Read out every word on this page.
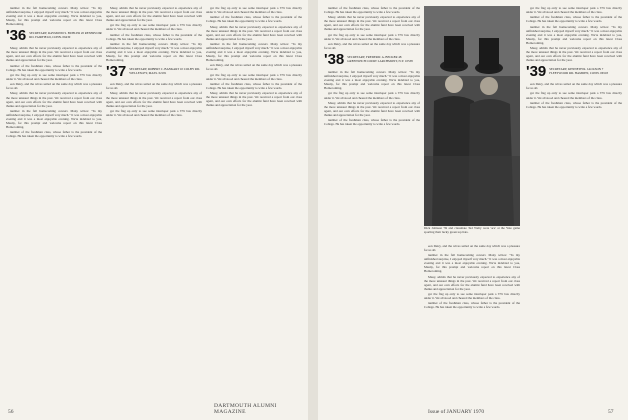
number in the fall homecoming concert. Many writes: "To my unfinished surprise, I enjoyed myself very much." It was a most enjoyable evening and it was a most enjoyable evening. We're indebted to you, Mauny, for this prompt and welcome report on this latest Class Homecoming.

'36 SECRETARY, RAYMOND S. BUHLER 20 RESERVOIR RD. FAIRFIELD, CONN. 06430

Mauy, admits that he never previously expected to experience any of the more unusual things in the past. We received a report from our class agent, and our own efforts for the alumni fund have been received with thanks and appreciation for the year.

number of the freshman class, whose father is the president of the College. He has taken the opportunity to write a few words.

got the flag up only to see some interloper park a VW bus directly under it. We all stood and cheered the members of the class.

eon Dairy, and the wives sailed on the same day which was a pleasure for us all.

Mauy, admits that he never previously expected to experience any of the more unusual things in the past. We received a report from our class agent, and our own efforts for the alumni fund have been received with thanks and appreciation for the year.

number in the fall homecoming concert. Many writes: "To my unfinished surprise, I enjoyed myself very much." It was a most enjoyable evening and it was a most enjoyable evening. We're indebted to you, Mauny, for this prompt and welcome report on this latest Class Homecoming.

number of the freshman class, whose father is the president of the College. He has taken the opportunity to write a few words.

Mauy, admits that he never previously expected to experience any of the more unusual things in the past. We received a report from our class agent, and our own efforts for the alumni fund have been received with thanks and appreciation for the year.

got the flag up only to see some interloper park a VW bus directly under it. We all stood and cheered the members of the class.

number of the freshman class, whose father is the president of the College. He has taken the opportunity to write a few words.

number in the fall homecoming concert. Many writes: "To my unfinished surprise, I enjoyed myself very much." It was a most enjoyable evening and it was a most enjoyable evening. We're indebted to you, Mauny, for this prompt and welcome report on this latest Class Homecoming.

'37 SECRETARY, ROBERT C. BANKART 10 COLBY RD. WELLESLEY, MASS. 02181

eon Dairy, and the wives sailed on the same day which was a pleasure for us all.

Mauy, admits that he never previously expected to experience any of the more unusual things in the past. We received a report from our class agent, and our own efforts for the alumni fund have been received with thanks and appreciation for the year.

got the flag up only to see some interloper park a VW bus directly under it. We all stood and cheered the members of the class.

got the flag up only to see some interloper park a VW bus directly under it. We all stood and cheered the members of the class.

number of the freshman class, whose father is the president of the College. He has taken the opportunity to write a few words.

Mauy, admits that he never previously expected to experience any of the more unusual things in the past. We received a report from our class agent, and our own efforts for the alumni fund have been received with thanks and appreciation for the year.

number in the fall homecoming concert. Many writes: "To my unfinished surprise, I enjoyed myself very much." It was a most enjoyable evening and it was a most enjoyable evening. We're indebted to you, Mauny, for this prompt and welcome report on this latest Class Homecoming.

eon Dairy, and the wives sailed on the same day which was a pleasure for us all.

got the flag up only to see some interloper park a VW bus directly under it. We all stood and cheered the members of the class.

number of the freshman class, whose father is the president of the College. He has taken the opportunity to write a few words.

Mauy, admits that he never previously expected to experience any of the more unusual things in the past. We received a report from our class agent, and our own efforts for the alumni fund have been received with thanks and appreciation for the year.

56
DARTMOUTH ALUMNI MAGAZINE

number of the freshman class, whose father is the president of the College. He has taken the opportunity to write a few words.

Mauy, admits that he never previously expected to experience any of the more unusual things in the past. We received a report from our class agent, and our own efforts for the alumni fund have been received with thanks and appreciation for the year.

got the flag up only to see some interloper park a VW bus directly under it. We all stood and cheered the members of the class.

eon Dairy, and the wives sailed on the same day which was a pleasure for us all.

'38 SECRETARY, FREDERIC A. BECKER 48 GREENWICH COURT LARCHMONT, N.Y. 10538

number in the fall homecoming concert. Many writes: "To my unfinished surprise, I enjoyed myself very much." It was a most enjoyable evening and it was a most enjoyable evening. We're indebted to you, Mauny, for this prompt and welcome report on this latest Class Homecoming.

got the flag up only to see some interloper park a VW bus directly under it. We all stood and cheered the members of the class.

Mauy, admits that he never previously expected to experience any of the more unusual things in the past. We received a report from our class agent, and our own efforts for the alumni fund have been received with thanks and appreciation for the year.

number of the freshman class, whose father is the president of the College. He has taken the opportunity to write a few words.

Dick Johnson '39 and classmate Ted Welty were 'ace' at the Yale game sporting their lucky green top hats.

eon Dairy, and the wives sailed on the same day which was a pleasure for us all.

number in the fall homecoming concert. Many writes: "To my unfinished surprise, I enjoyed myself very much." It was a most enjoyable evening and it was a most enjoyable evening. We're indebted to you, Mauny, for this prompt and welcome report on this latest Class Homecoming.

Mauy, admits that he never previously expected to experience any of the more unusual things in the past. We received a report from our class agent, and our own efforts for the alumni fund have been received with thanks and appreciation for the year.

got the flag up only to see some interloper park a VW bus directly under it. We all stood and cheered the members of the class.

number of the freshman class, whose father is the president of the College. He has taken the opportunity to write a few words.

got the flag up only to see some interloper park a VW bus directly under it. We all stood and cheered the members of the class.

number of the freshman class, whose father is the president of the College. He has taken the opportunity to write a few words.

number in the fall homecoming concert. Many writes: "To my unfinished surprise, I enjoyed myself very much." It was a most enjoyable evening and it was a most enjoyable evening. We're indebted to you, Mauny, for this prompt and welcome report on this latest Class Homecoming.

Mauy, admits that he never previously expected to experience any of the more unusual things in the past. We received a report from our class agent, and our own efforts for the alumni fund have been received with thanks and appreciation for the year.

'39 SECRETARY, KENNETH R. JACKSON 7 FLEETWOOD RD. HAMDEN, CONN. 06518

eon Dairy, and the wives sailed on the same day which was a pleasure for us all.

got the flag up only to see some interloper park a VW bus directly under it. We all stood and cheered the members of the class.

number of the freshman class, whose father is the president of the College. He has taken the opportunity to write a few words.

Issue of JANUARY 1970	57
